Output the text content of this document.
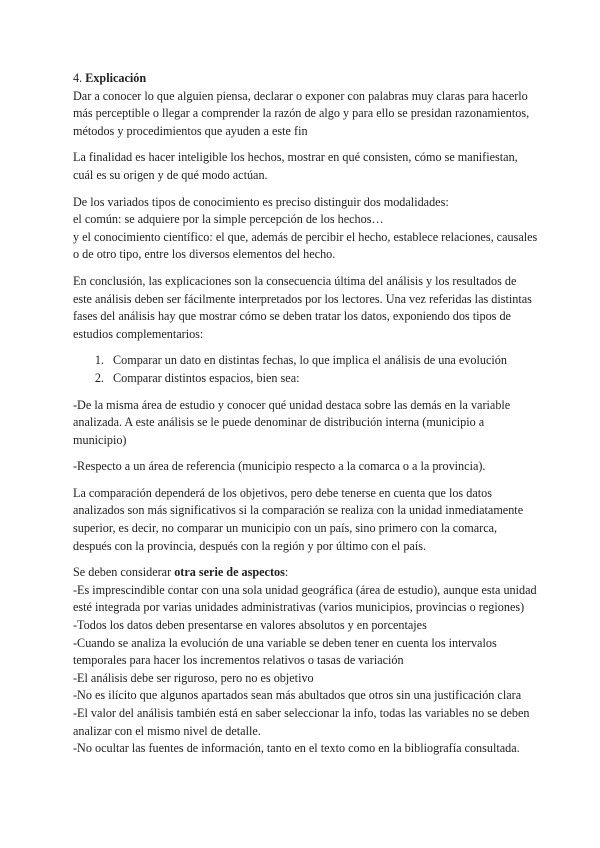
4. Explicación

Dar a conocer lo que alguien piensa, declarar o exponer con palabras muy claras para hacerlo
más perceptible o llegar a comprender la razón de algo y para ello se presidan razonamientos,
métodos y procedimientos que ayuden a este fin

La finalidad es hacer inteligible los hechos, mostrar en qué consisten, cómo se manifiestan,
cuál es su origen y de qué modo actúan.

De los variados tipos de conocimiento es preciso distinguir dos modalidades:
el común: se adquiere por la simple percepción de los hechos…
y el conocimiento científico: el que, además de percibir el hecho, establece relaciones, causales
o de otro tipo, entre los diversos elementos del hecho.

En conclusión, las explicaciones son la consecuencia última del análisis y los resultados de
este análisis deben ser fácilmente interpretados por los lectores. Una vez referidas las distintas
fases del análisis hay que mostrar cómo se deben tratar los datos, exponiendo dos tipos de
estudios complementarios:

1. Comparar un dato en distintas fechas, lo que implica el análisis de una evolución
2. Comparar distintos espacios, bien sea:

-De la misma área de estudio y conocer qué unidad destaca sobre las demás en la variable
analizada. A este análisis se le puede denominar de distribución interna (municipio a
municipio)

-Respecto a un área de referencia (municipio respecto a la comarca o a la provincia).

La comparación dependerá de los objetivos, pero debe tenerse en cuenta que los datos
analizados son más significativos si la comparación se realiza con la unidad inmediatamente
superior, es decir, no comparar un municipio con un país, sino primero con la comarca,
después con la provincia, después con la región y por último con el país.

Se deben considerar otra serie de aspectos:
-Es imprescindible contar con una sola unidad geográfica (área de estudio), aunque esta unidad
esté integrada por varias unidades administrativas (varios municipios, provincias o regiones)
-Todos los datos deben presentarse en valores absolutos y en porcentajes
-Cuando se analiza la evolución de una variable se deben tener en cuenta los intervalos
temporales para hacer los incrementos relativos o tasas de variación
-El análisis debe ser riguroso, pero no es objetivo
-No es ilícito que algunos apartados sean más abultados que otros sin una justificación clara
-El valor del análisis también está en saber seleccionar la info, todas las variables no se deben
analizar con el mismo nivel de detalle.
-No ocultar las fuentes de información, tanto en el texto como en la bibliografía consultada.
